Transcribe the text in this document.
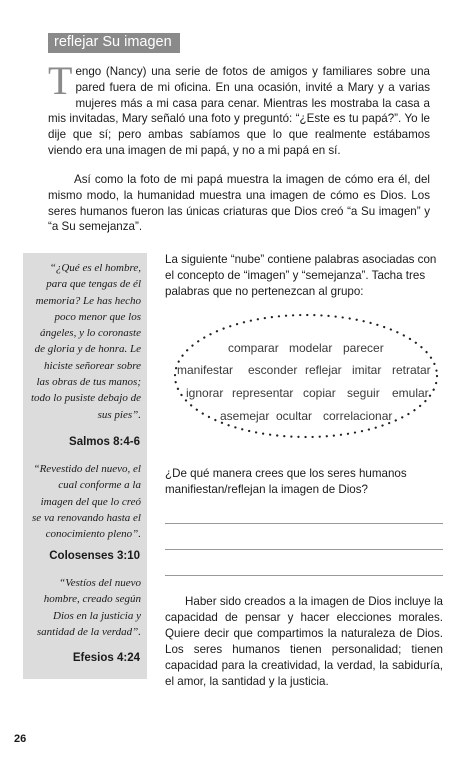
reflejar Su imagen

Tengo (Nancy) una serie de fotos de amigos y familiares sobre una pared fuera de mi oficina. En una ocasión, invité a Mary y a varias mujeres más a mi casa para cenar. Mientras les mostraba la casa a mis invitadas, Mary señaló una foto y preguntó: “¿Este es tu papá?”. Yo le dije que sí; pero ambas sabíamos que lo que realmente estábamos viendo era una imagen de mi papá, y no a mi papá en sí.

Así como la foto de mi papá muestra la imagen de cómo era él, del mismo modo, la humanidad muestra una imagen de cómo es Dios. Los seres humanos fueron las únicas criaturas que Dios creó “a Su imagen” y “a Su semejanza”.

“¿Qué es el hombre, para que tengas de él memoria? Le has hecho poco menor que los ángeles, y lo coronaste de gloria y de honra. Le hiciste señorear sobre las obras de tus manos; todo lo pusiste debajo de sus pies”.

Salmos 8:4-6

“Revestido del nuevo, el cual conforme a la imagen del que lo creó se va renovando hasta el conocimiento pleno”.

Colosenses 3:10

“Vestíos del nuevo hombre, creado según Dios en la justicia y santidad de la verdad”.

Efesios 4:24

La siguiente “nube” contiene palabras asociadas con el concepto de “imagen” y “semejanza”. Tacha tres palabras que no pertenezcan al grupo:

comparar modelar parecer
manifestar esconder reflejar imitar retratar
ignorar representar copiar seguir emular
asemejar ocultar correlacionar

¿De qué manera crees que los seres humanos manifiestan/reflejan la imagen de Dios?

Haber sido creados a la imagen de Dios incluye la capacidad de pensar y hacer elecciones morales. Quiere decir que compartimos la naturaleza de Dios. Los seres humanos tienen personalidad; tienen capacidad para la creatividad, la verdad, la sabiduría, el amor, la santidad y la justicia.

26
